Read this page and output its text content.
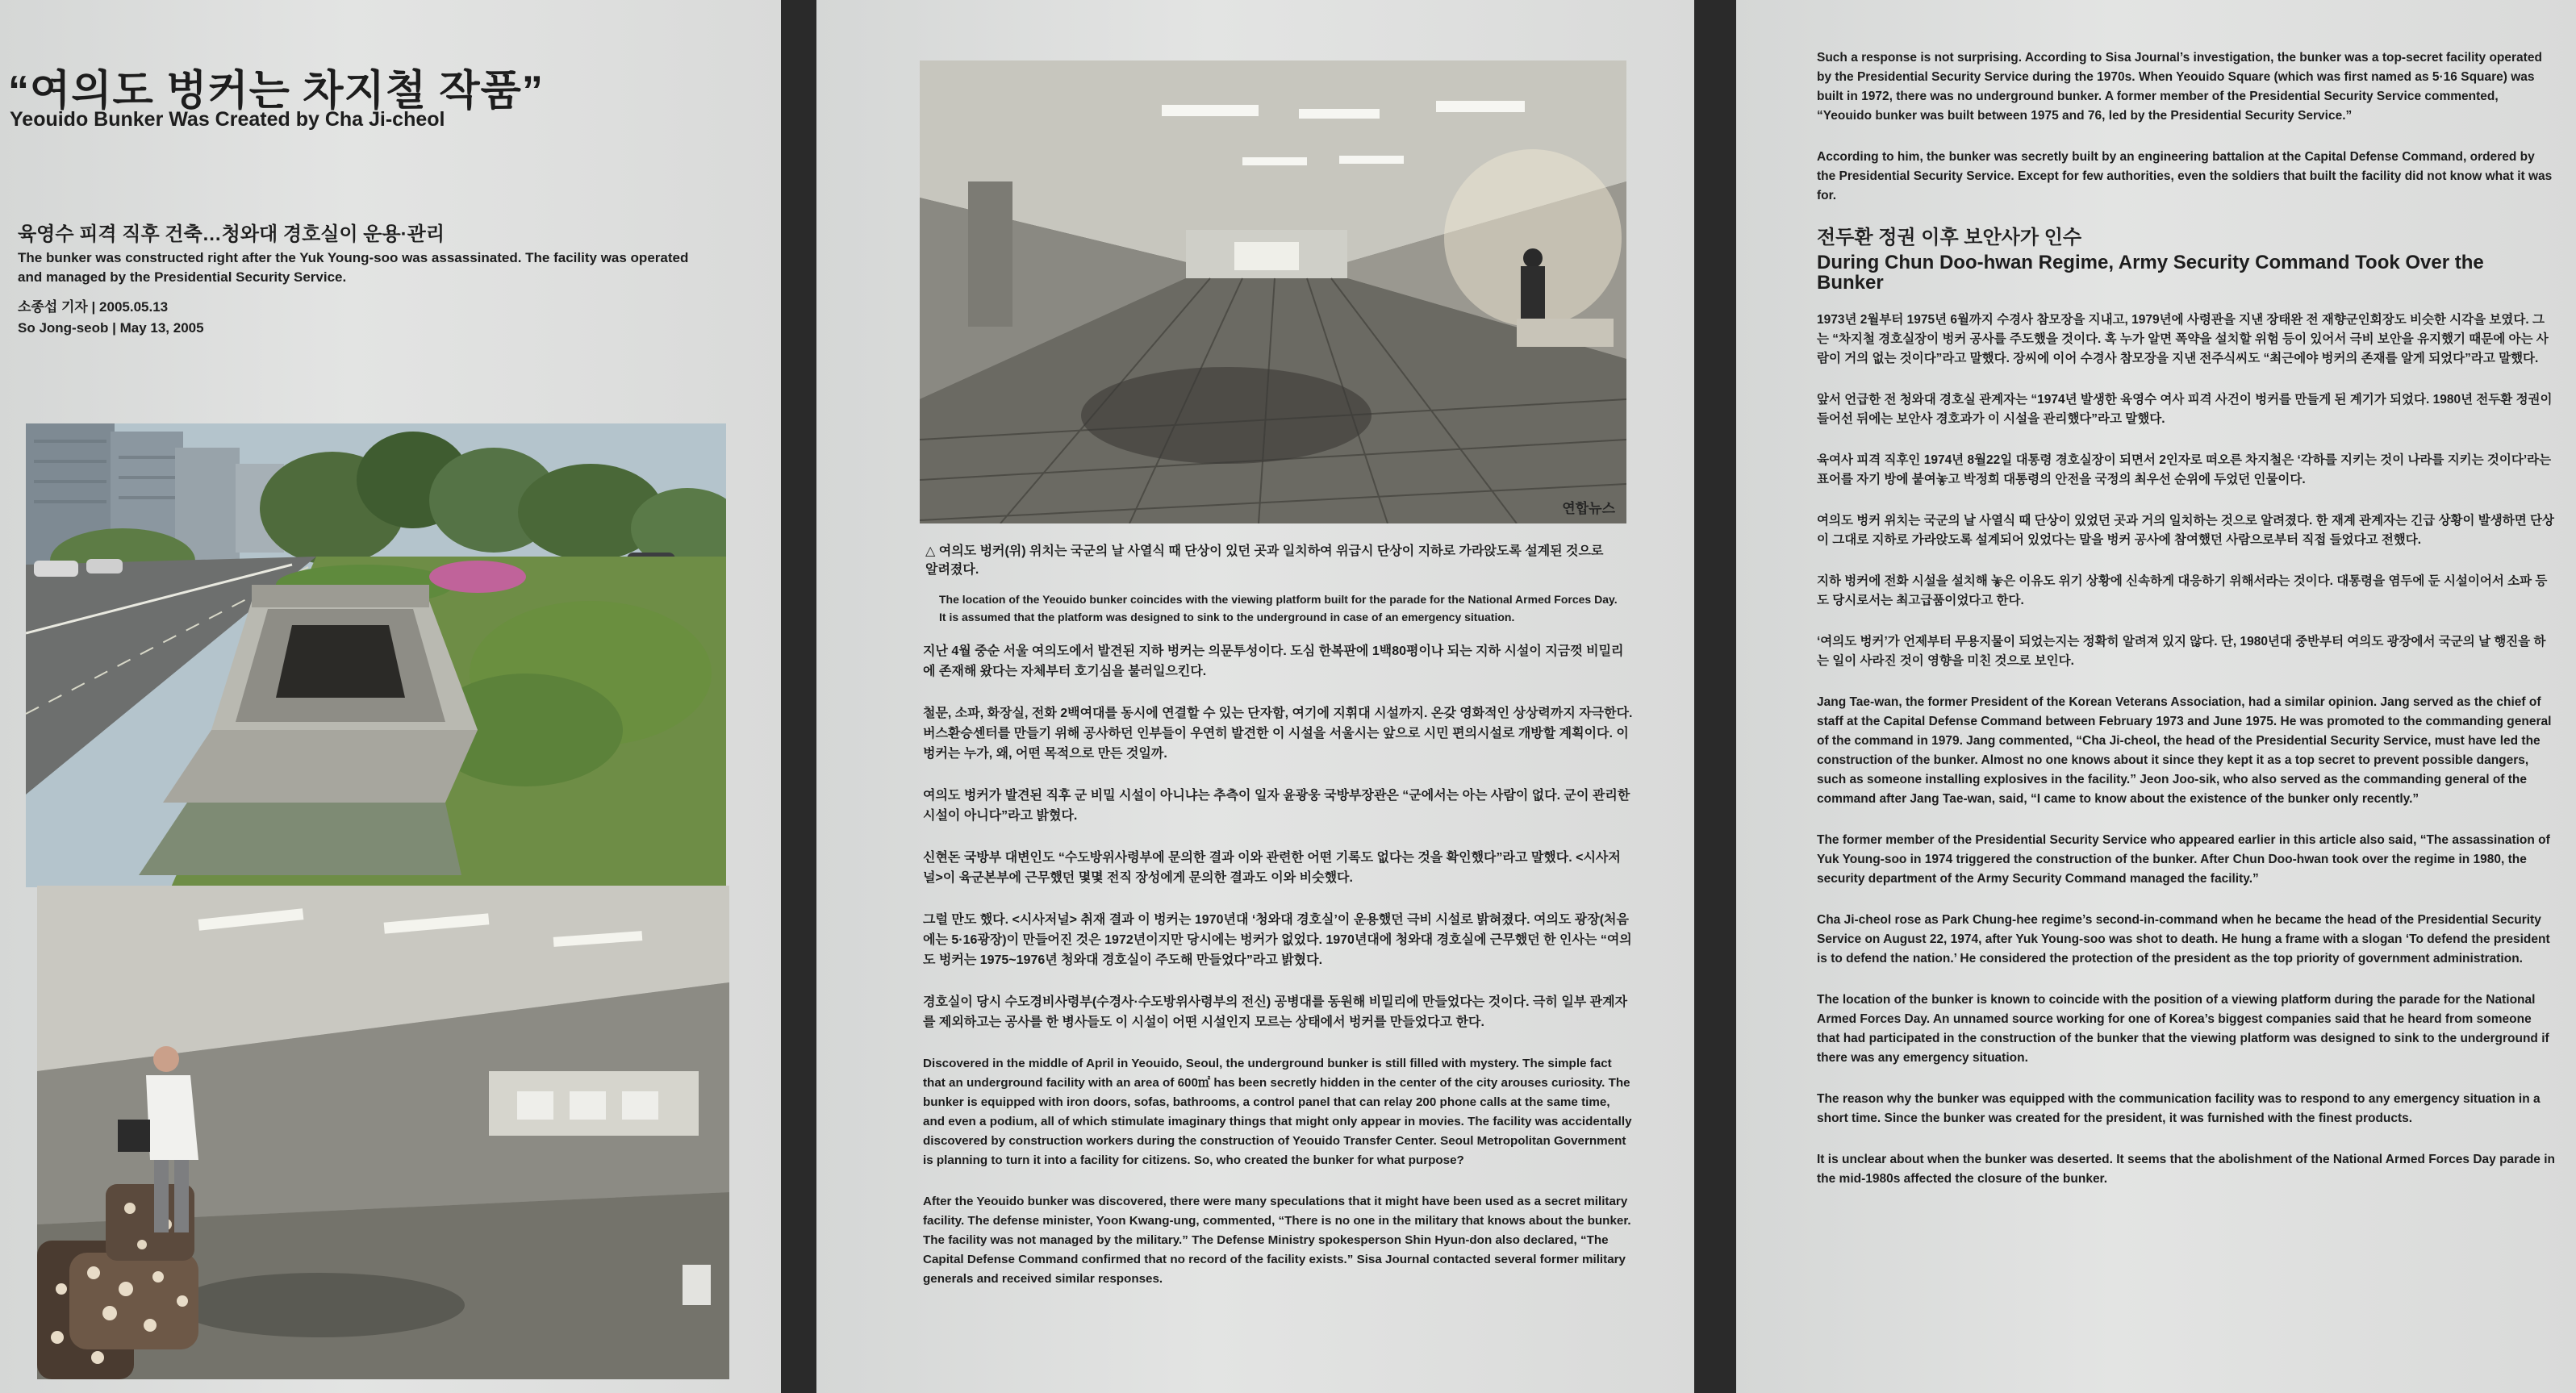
“여의도 벙커는 차지철 작품”
Yeouido Bunker Was Created by Cha Ji-cheol
육영수 피격 직후 건축…청와대 경호실이 운용·관리

The bunker was constructed right after the Yuk Young-soo was assassinated. The facility was operated and managed by the Presidential Security Service.

소종섭 기자 | 2005.05.13
So Jong-seob | May 13, 2005
연합뉴스

△ 여의도 벙커(위) 위치는 국군의 날 사열식 때 단상이 있던 곳과 일치하여 위급시 단상이 지하로 가라앉도록 설계된 것으로 알려졌다.

The location of the Yeouido bunker coincides with the viewing platform built for the parade for the National Armed Forces Day. It is assumed that the platform was designed to sink to the underground in case of an emergency situation.

지난 4월 중순 서울 여의도에서 발견된 지하 벙커는 의문투성이다. 도심 한복판에 1백80평이나 되는 지하 시설이 지금껏 비밀리에 존재해 왔다는 자체부터 호기심을 불러일으킨다.

철문, 소파, 화장실, 전화 2백여대를 동시에 연결할 수 있는 단자함, 여기에 지휘대 시설까지. 온갖 영화적인 상상력까지 자극한다. 버스환승센터를 만들기 위해 공사하던 인부들이 우연히 발견한 이 시설을 서울시는 앞으로 시민 편의시설로 개방할 계획이다. 이 벙커는 누가, 왜, 어떤 목적으로 만든 것일까.

여의도 벙커가 발견된 직후 군 비밀 시설이 아니냐는 추측이 일자 윤광웅 국방부장관은 “군에서는 아는 사람이 없다. 군이 관리한 시설이 아니다”라고 밝혔다.

신현돈 국방부 대변인도 “수도방위사령부에 문의한 결과 이와 관련한 어떤 기록도 없다는 것을 확인했다”라고 말했다. <시사저널>이 육군본부에 근무했던 몇몇 전직 장성에게 문의한 결과도 이와 비슷했다.

그럴 만도 했다. <시사저널> 취재 결과 이 벙커는 1970년대 ‘청와대 경호실’이 운용했던 극비 시설로 밝혀졌다. 여의도 광장(처음에는 5·16광장)이 만들어진 것은 1972년이지만 당시에는 벙커가 없었다. 1970년대에 청와대 경호실에 근무했던 한 인사는 “여의도 벙커는 1975~1976년 청와대 경호실이 주도해 만들었다”라고 밝혔다.

경호실이 당시 수도경비사령부(수경사·수도방위사령부의 전신) 공병대를 동원해 비밀리에 만들었다는 것이다. 극히 일부 관계자를 제외하고는 공사를 한 병사들도 이 시설이 어떤 시설인지 모르는 상태에서 벙커를 만들었다고 한다.

Discovered in the middle of April in Yeouido, Seoul, the underground bunker is still filled with mystery. The simple fact that an underground facility with an area of 600㎡ has been secretly hidden in the center of the city arouses curiosity. The bunker is equipped with iron doors, sofas, bathrooms, a control panel that can relay 200 phone calls at the same time, and even a podium, all of which stimulate imaginary things that might only appear in movies. The facility was accidentally discovered by construction workers during the construction of Yeouido Transfer Center. Seoul Metropolitan Government is planning to turn it into a facility for citizens. So, who created the bunker for what purpose?

After the Yeouido bunker was discovered, there were many speculations that it might have been used as a secret military facility. The defense minister, Yoon Kwang-ung, commented, “There is no one in the military that knows about the bunker. The facility was not managed by the military.” The Defense Ministry spokesperson Shin Hyun-don also declared, “The Capital Defense Command confirmed that no record of the facility exists.” Sisa Journal contacted several former military generals and received similar responses.

Such a response is not surprising. According to Sisa Journal’s investigation, the bunker was a top-secret facility operated by the Presidential Security Service during the 1970s. When Yeouido Square (which was first named as 5·16 Square) was built in 1972, there was no underground bunker. A former member of the Presidential Security Service commented, “Yeouido bunker was built between 1975 and 76, led by the Presidential Security Service.”

According to him, the bunker was secretly built by an engineering battalion at the Capital Defense Command, ordered by the Presidential Security Service. Except for few authorities, even the soldiers that built the facility did not know what it was for.

전두환 정권 이후 보안사가 인수
During Chun Doo-hwan Regime, Army Security Command Took Over the Bunker

1973년 2월부터 1975년 6월까지 수경사 참모장을 지내고, 1979년에 사령관을 지낸 장태완 전 재향군인회장도 비슷한 시각을 보였다. 그는 “차지철 경호실장이 벙커 공사를 주도했을 것이다. 혹 누가 알면 폭약을 설치할 위험 등이 있어서 극비 보안을 유지했기 때문에 아는 사람이 거의 없는 것이다”라고 말했다. 장씨에 이어 수경사 참모장을 지낸 전주식씨도 “최근에야 벙커의 존재를 알게 되었다”라고 말했다.

앞서 언급한 전 청와대 경호실 관계자는 “1974년 발생한 육영수 여사 피격 사건이 벙커를 만들게 된 계기가 되었다. 1980년 전두환 정권이 들어선 뒤에는 보안사 경호과가 이 시설을 관리했다”라고 말했다.

육여사 피격 직후인 1974년 8월22일 대통령 경호실장이 되면서 2인자로 떠오른 차지철은 ‘각하를 지키는 것이 나라를 지키는 것이다’라는 표어를 자기 방에 붙여놓고 박정희 대통령의 안전을 국정의 최우선 순위에 두었던 인물이다.

여의도 벙커 위치는 국군의 날 사열식 때 단상이 있었던 곳과 거의 일치하는 것으로 알려졌다. 한 재계 관계자는 긴급 상황이 발생하면 단상이 그대로 지하로 가라앉도록 설계되어 있었다는 말을 벙커 공사에 참여했던 사람으로부터 직접 들었다고 전했다.

지하 벙커에 전화 시설을 설치해 놓은 이유도 위기 상황에 신속하게 대응하기 위해서라는 것이다. 대통령을 염두에 둔 시설이어서 소파 등도 당시로서는 최고급품이었다고 한다.

‘여의도 벙커’가 언제부터 무용지물이 되었는지는 정확히 알려져 있지 않다. 단, 1980년대 중반부터 여의도 광장에서 국군의 날 행진을 하는 일이 사라진 것이 영향을 미친 것으로 보인다.

Jang Tae-wan, the former President of the Korean Veterans Association, had a similar opinion. Jang served as the chief of staff at the Capital Defense Command between February 1973 and June 1975. He was promoted to the commanding general of the command in 1979. Jang commented, “Cha Ji-cheol, the head of the Presidential Security Service, must have led the construction of the bunker. Almost no one knows about it since they kept it as a top secret to prevent possible dangers, such as someone installing explosives in the facility.” Jeon Joo-sik, who also served as the commanding general of the command after Jang Tae-wan, said, “I came to know about the existence of the bunker only recently.”

The former member of the Presidential Security Service who appeared earlier in this article also said, “The assassination of Yuk Young-soo in 1974 triggered the construction of the bunker. After Chun Doo-hwan took over the regime in 1980, the security department of the Army Security Command managed the facility.”

Cha Ji-cheol rose as Park Chung-hee regime’s second-in-command when he became the head of the Presidential Security Service on August 22, 1974, after Yuk Young-soo was shot to death. He hung a frame with a slogan ‘To defend the president is to defend the nation.’ He considered the protection of the president as the top priority of government administration.

The location of the bunker is known to coincide with the position of a viewing platform during the parade for the National Armed Forces Day. An unnamed source working for one of Korea’s biggest companies said that he heard from someone that had participated in the construction of the bunker that the viewing platform was designed to sink to the underground if there was any emergency situation.

The reason why the bunker was equipped with the communication facility was to respond to any emergency situation in a short time. Since the bunker was created for the president, it was furnished with the finest products.

It is unclear about when the bunker was deserted. It seems that the abolishment of the National Armed Forces Day parade in the mid-1980s affected the closure of the bunker.
